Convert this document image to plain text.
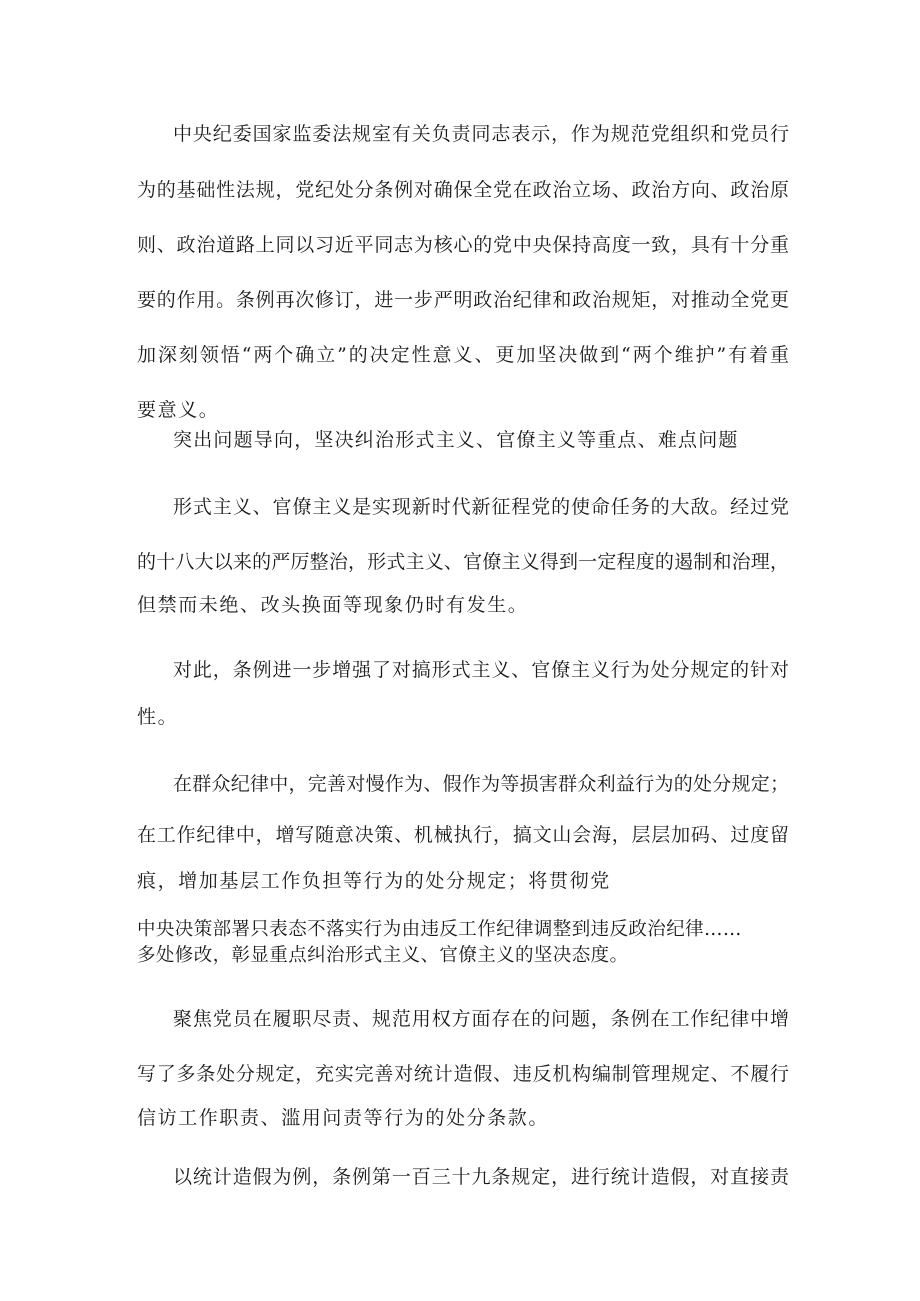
中央纪委国家监委法规室有关负责同志表示，作为规范党组织和党员行
为的基础性法规，党纪处分条例对确保全党在政治立场、政治方向、政治原
则、政治道路上同以习近平同志为核心的党中央保持高度一致，具有十分重
要的作用。条例再次修订，进一步严明政治纪律和政治规矩，对推动全党更
加深刻领悟“两个确立”的决定性意义、更加坚决做到“两个维护”有着重
要意义。
突出问题导向，坚决纠治形式主义、官僚主义等重点、难点问题
形式主义、官僚主义是实现新时代新征程党的使命任务的大敌。经过党
的十八大以来的严厉整治，形式主义、官僚主义得到一定程度的遏制和治理，
但禁而未绝、改头换面等现象仍时有发生。
对此，条例进一步增强了对搞形式主义、官僚主义行为处分规定的针对
性。
在群众纪律中，完善对慢作为、假作为等损害群众利益行为的处分规定；
在工作纪律中，增写随意决策、机械执行，搞文山会海，层层加码、过度留
痕，增加基层工作负担等行为的处分规定；将贯彻党
中央决策部署只表态不落实行为由违反工作纪律调整到违反政治纪律……
多处修改，彰显重点纠治形式主义、官僚主义的坚决态度。
聚焦党员在履职尽责、规范用权方面存在的问题，条例在工作纪律中增
写了多条处分规定，充实完善对统计造假、违反机构编制管理规定、不履行
信访工作职责、滥用问责等行为的处分条款。
以统计造假为例，条例第一百三十九条规定，进行统计造假，对直接责
